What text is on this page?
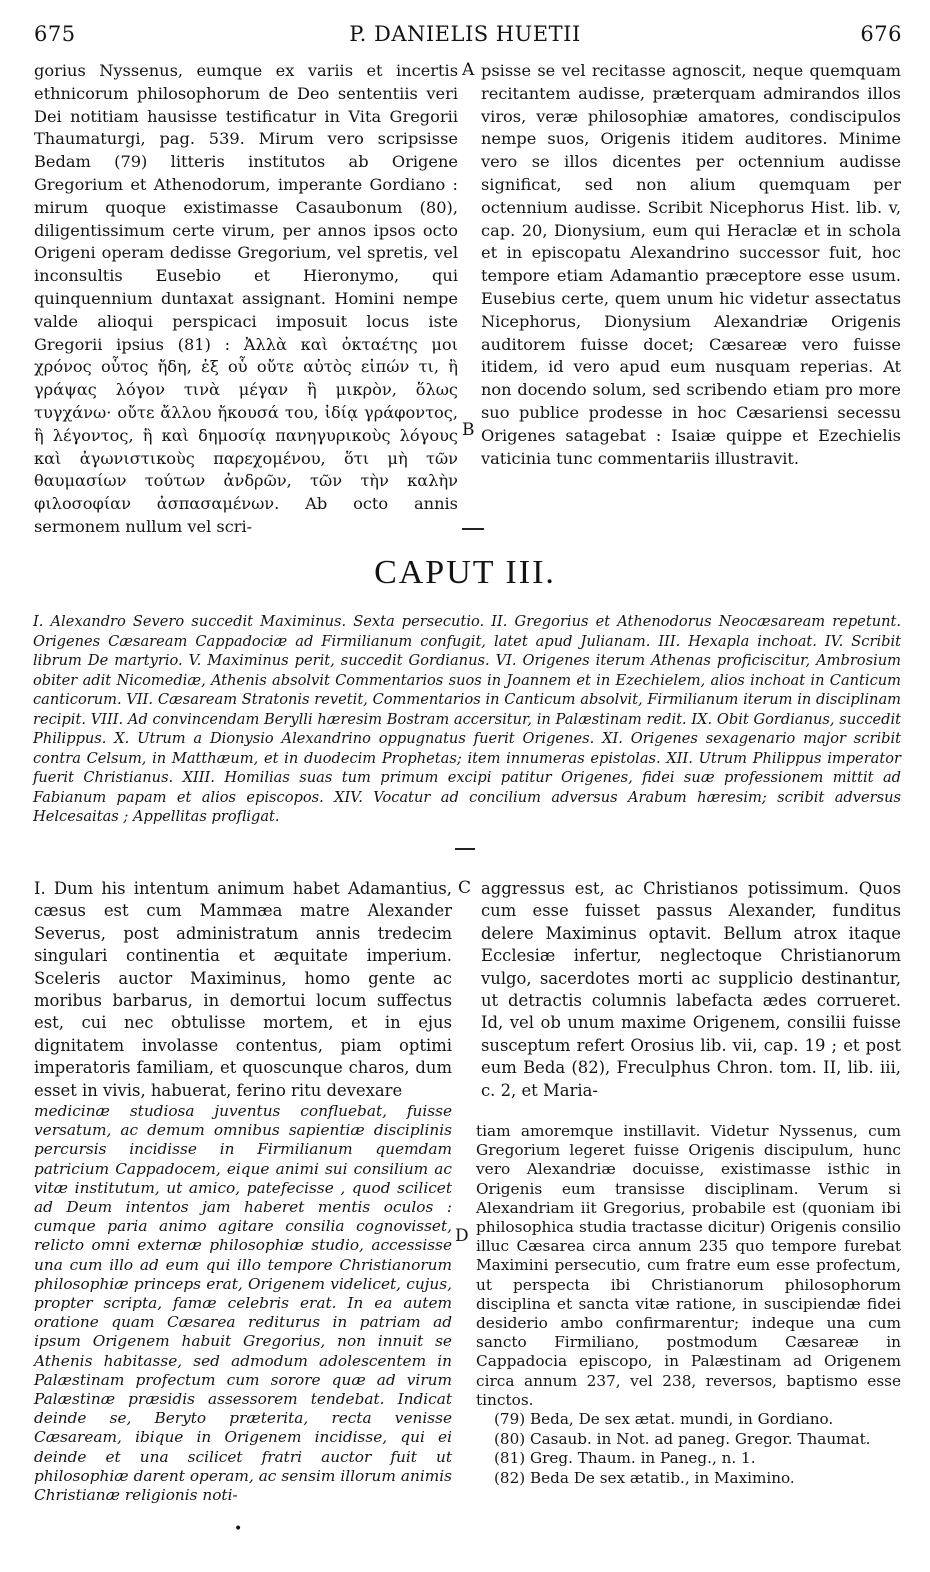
675	P. DANIELIS HUETII	676

gorius Nyssenus, eumque ex variis et incertis ethnicorum philosophorum de Deo sententiis veri Dei notitiam hausisse testificatur in Vita Gregorii Thaumaturgi, pag. 539. Mirum vero scripsisse Bedam (79) litteris institutos ab Origene Gregorium et Athenodorum, imperante Gordiano : mirum quoque existimasse Casaubonum (80), diligentissimum certe virum, per annos ipsos octo Origeni operam dedisse Gregorium, vel spretis, vel inconsultis Eusebio et Hieronymo, qui quinquennium duntaxat assignant. Homini nempe valde alioqui perspicaci imposuit locus iste Gregorii ipsius (81) : Ἀλλὰ καὶ ὀκταέτης μοι χρόνος οὗτος ἤδη, ἐξ οὗ οὔτε αὐτὸς εἰπών τι, ἢ γράψας λόγον τινὰ μέγαν ἢ μικρὸν, ὅλως τυγχάνω· οὔτε ἄλλου ἤκουσά του, ἰδίᾳ γράφοντος, ἢ λέγοντος, ἢ καὶ δημοσίᾳ πανηγυρικοὺς λόγους καὶ ἀγωνιστικοὺς παρεχομένου, ὅτι μὴ τῶν θαυμασίων τούτων ἀνδρῶν, τῶν τὴν καλὴν φιλοσοφίαν ἀσπασαμένων. Ab octo annis sermonem nullum vel scri-

A
B

psisse se vel recitasse agnoscit, neque quemquam recitantem audisse, præterquam admirandos illos viros, veræ philosophiæ amatores, condiscipulos nempe suos, Origenis itidem auditores. Minime vero se illos dicentes per octennium audisse significat, sed non alium quemquam per octennium audisse. Scribit Nicephorus Hist. lib. v, cap. 20, Dionysium, eum qui Heraclæ et in schola et in episcopatu Alexandrino successor fuit, hoc tempore etiam Adamantio præceptore esse usum. Eusebius certe, quem unum hic videtur assectatus Nicephorus, Dionysium Alexandriæ Origenis auditorem fuisse docet; Cæsareæ vero fuisse itidem, id vero apud eum nusquam reperias. At non docendo solum, sed scribendo etiam pro more suo publice prodesse in hoc Cæsariensi secessu Origenes satagebat : Isaiæ quippe et Ezechielis vaticinia tunc commentariis illustravit.

CAPUT III.
I. Alexandro Severo succedit Maximinus. Sexta persecutio. II. Gregorius et Athenodorus Neocæsaream repetunt. Origenes Cæsaream Cappadociæ ad Firmilianum confugit, latet apud Julianam. III. Hexapla inchoat. IV. Scribit librum De martyrio. V. Maximinus perit, succedit Gordianus. VI. Origenes iterum Athenas proficiscitur, Ambrosium obiter adit Nicomediæ, Athenis absolvit Commentarios suos in Joannem et in Ezechielem, alios inchoat in Canticum canticorum. VII. Cæsaream Stratonis revetit, Commentarios in Canticum absolvit, Firmilianum iterum in disciplinam recipit. VIII. Ad convincendam Berylli hæresim Bostram accersitur, in Palæstinam redit. IX. Obit Gordianus, succedit Philippus. X. Utrum a Dionysio Alexandrino oppugnatus fuerit Origenes. XI. Origenes sexagenario major scribit contra Celsum, in Matthæum, et in duodecim Prophetas; item innumeras epistolas. XII. Utrum Philippus imperator fuerit Christianus. XIII. Homilias suas tum primum excipi patitur Origenes, fidei suæ professionem mittit ad Fabianum papam et alios episcopos. XIV. Vocatur ad concilium adversus Arabum hæresim; scribit adversus Helcesaitas ; Appellitas profligat.

I. Dum his intentum animum habet Adamantius, cæsus est cum Mammæa matre Alexander Severus, post administratum annis tredecim singulari continentia et æquitate imperium. Sceleris auctor Maximinus, homo gente ac moribus barbarus, in demortui locum suffectus est, cui nec obtulisse mortem, et in ejus dignitatem involasse contentus, piam optimi imperatoris familiam, et quoscunque charos, dum esset in vivis, habuerat, ferino ritu devexare

C aggressus est, ac Christianos potissimum. Quos cum esse fuisset passus Alexander, funditus delere Maximinus optavit. Bellum atrox itaque Ecclesiæ infertur, neglectoque Christianorum vulgo, sacerdotes morti ac supplicio destinantur, ut detractis columnis labefacta ædes corrueret. Id, vel ob unum maxime Origenem, consilii fuisse susceptum refert Orosius lib. vii, cap. 19 ; et post eum Beda (82), Freculphus Chron. tom. II, lib. iii, c. 2, et Maria-

medicinæ studiosa juventus confluebat, fuisse versatum, ac demum omnibus sapientiæ disciplinis percursis incidisse in Firmilianum quemdam patricium Cappadocem, eique animi sui consilium ac vitæ institutum, ut amico, patefecisse , quod scilicet ad Deum intentos jam haberet mentis oculos : cumque paria animo agitare consilia cognovisset, relicto omni externæ philosophiæ studio, accessisse una cum illo ad eum qui illo tempore Christianorum philosophiæ princeps erat, Origenem videlicet, cujus, propter scripta, famæ celebris erat. In ea autem oratione quam Cæsarea rediturus in patriam ad ipsum Origenem habuit Gregorius, non innuit se Athenis habitasse, sed admodum adolescentem in Palæstinam profectum cum sorore quæ ad virum Palæstinæ præsidis assessorem tendebat. Indicat deinde se, Beryto præterita, recta venisse Cæsaream, ibique in Origenem incidisse, qui ei deinde et una scilicet fratri auctor fuit ut philosophiæ darent operam, ac sensim illorum animis Christianæ religionis noti-

D

tiam amoremque instillavit. Videtur Nyssenus, cum Gregorium legeret fuisse Origenis discipulum, hunc vero Alexandriæ docuisse, existimasse isthic in Origenis eum transisse disciplinam. Verum si Alexandriam iit Gregorius, probabile est (quoniam ibi philosophica studia tractasse dicitur) Origenis consilio illuc Cæsarea circa annum 235 quo tempore furebat Maximini persecutio, cum fratre eum esse profectum, ut perspecta ibi Christianorum philosophorum disciplina et sancta vitæ ratione, in suscipiendæ fidei desiderio ambo confirmarentur; indeque una cum sancto Firmiliano, postmodum Cæsareæ in Cappadocia episcopo, in Palæstinam ad Origenem circa annum 237, vel 238, reversos, baptismo esse tinctos.

(79) Beda, De sex ætat. mundi, in Gordiano.

(80) Casaub. in Not. ad paneg. Gregor. Thaumat.

(81) Greg. Thaum. in Paneg., n. 1.

(82) Beda De sex ætatib., in Maximino.

•
